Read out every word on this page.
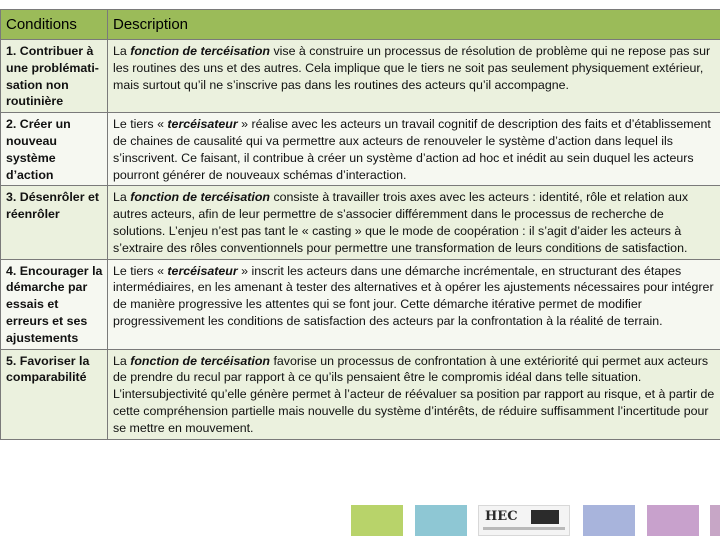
Conditions	Description
1. Contribuer à une problémati-sation non routinière	La fonction de tercéisation vise à construire un processus de résolution de problème qui ne repose pas sur les routines des uns et des autres. Cela implique que le tiers ne soit pas seulement physiquement extérieur, mais surtout qu’il ne s’inscrive pas dans les routines des acteurs qu’il accompagne.
2. Créer un nouveau système d’action	Le tiers « tercéisateur » réalise avec les acteurs un travail cognitif de description des faits et d’établissement de chaines de causalité qui va permettre aux acteurs de renouveler le système d’action dans lequel ils s’inscrivent. Ce faisant, il contribue à créer un système d’action ad hoc et inédit au sein duquel les acteurs pourront générer de nouveaux schémas d’interaction.
3. Désenrôler et réenrôler	La fonction de tercéisation consiste à travailler trois axes avec les acteurs : identité, rôle et relation aux autres acteurs, afin de leur permettre de s’associer différemment dans le processus de recherche de solutions. L’enjeu n’est pas tant le « casting » que le mode de coopération : il s’agit d’aider les acteurs à s’extraire des rôles conventionnels pour permettre une transformation de leurs conditions de satisfaction.
4. Encourager la démarche par essais et erreurs et ses ajustements	Le tiers « tercéisateur » inscrit les acteurs dans une démarche incrémentale, en structurant des étapes intermédiaires, en les amenant à tester des alternatives et à opérer les ajustements nécessaires pour intégrer de manière progressive les attentes qui se font jour. Cette démarche itérative permet de modifier progressivement les conditions de satisfaction des acteurs par la confrontation à la réalité de terrain.
5. Favoriser la comparabilité	La fonction de tercéisation favorise un processus de confrontation à une extériorité qui permet aux acteurs de prendre du recul par rapport à ce qu’ils pensaient être le compromis idéal dans telle situation. L’intersubjectivité qu’elle génère permet à l’acteur de réévaluer sa position par rapport au risque, et à partir de cette compréhension partielle mais nouvelle du système d’intérêts, de réduire suffisamment l’incertitude pour se mettre en mouvement.
HEC
